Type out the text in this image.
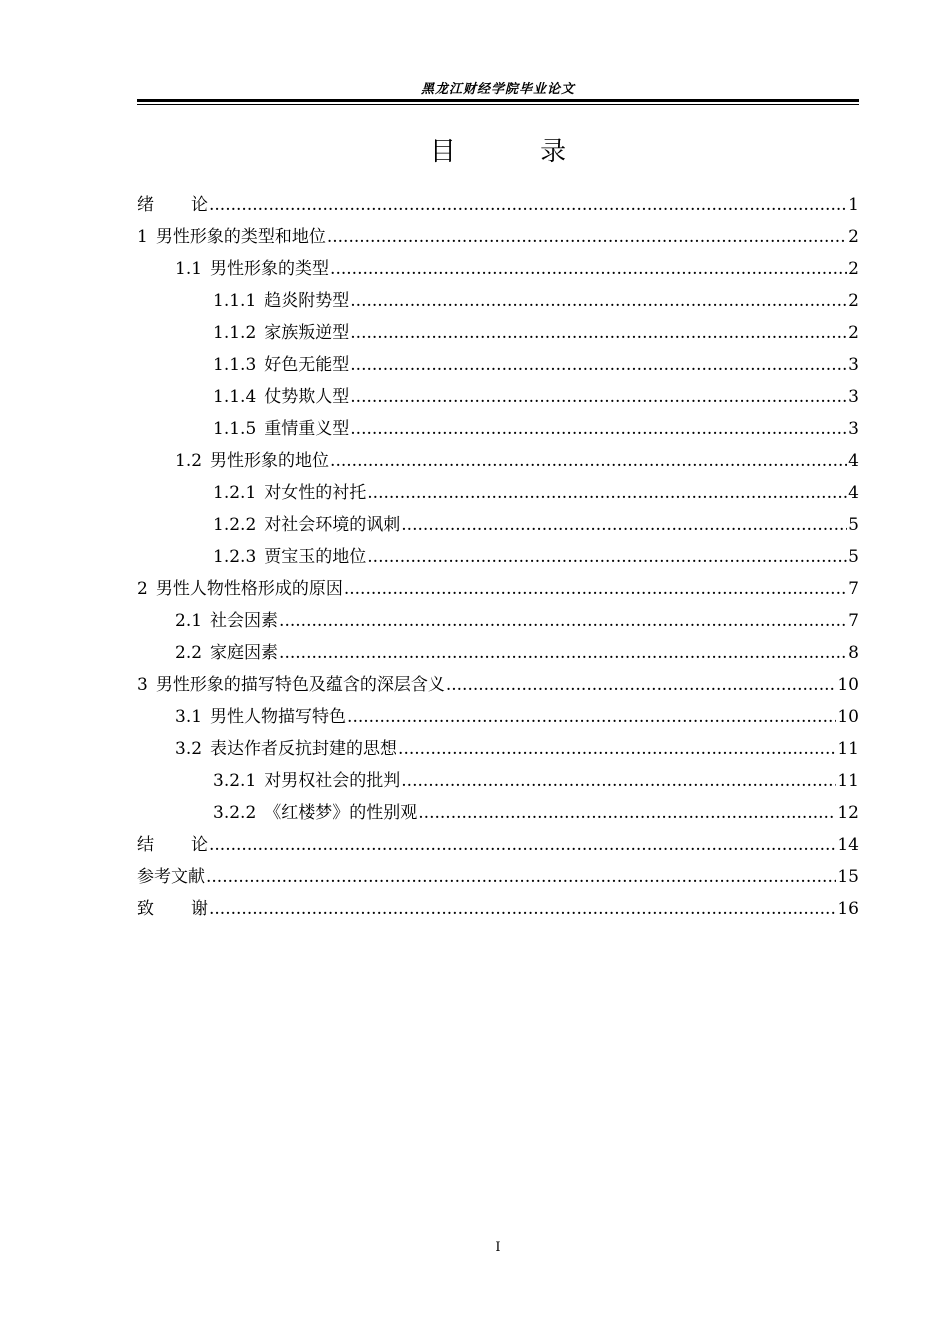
黑龙江财经学院毕业论文
目 录
绪论 .....	1
1 男性形象的类型和地位 .....	2
1.1 男性形象的类型 .....	2
1.1.1 趋炎附势型 .....	2
1.1.2 家族叛逆型 .....	2
1.1.3 好色无能型 .....	3
1.1.4 仗势欺人型 .....	3
1.1.5 重情重义型 .....	3
1.2 男性形象的地位 .....	4
1.2.1 对女性的衬托 .....	4
1.2.2 对社会环境的讽刺 .....	5
1.2.3 贾宝玉的地位 .....	5
2 男性人物性格形成的原因 .....	7
2.1 社会因素 .....	7
2.2 家庭因素 .....	8
3 男性形象的描写特色及蕴含的深层含义 .....	10
3.1 男性人物描写特色 .....	10
3.2 表达作者反抗封建的思想 .....	11
3.2.1 对男权社会的批判 .....	11
3.2.2 《红楼梦》的性别观 .....	12
结论 .....	14
参考文献 .....	15
致谢 .....	16
I
